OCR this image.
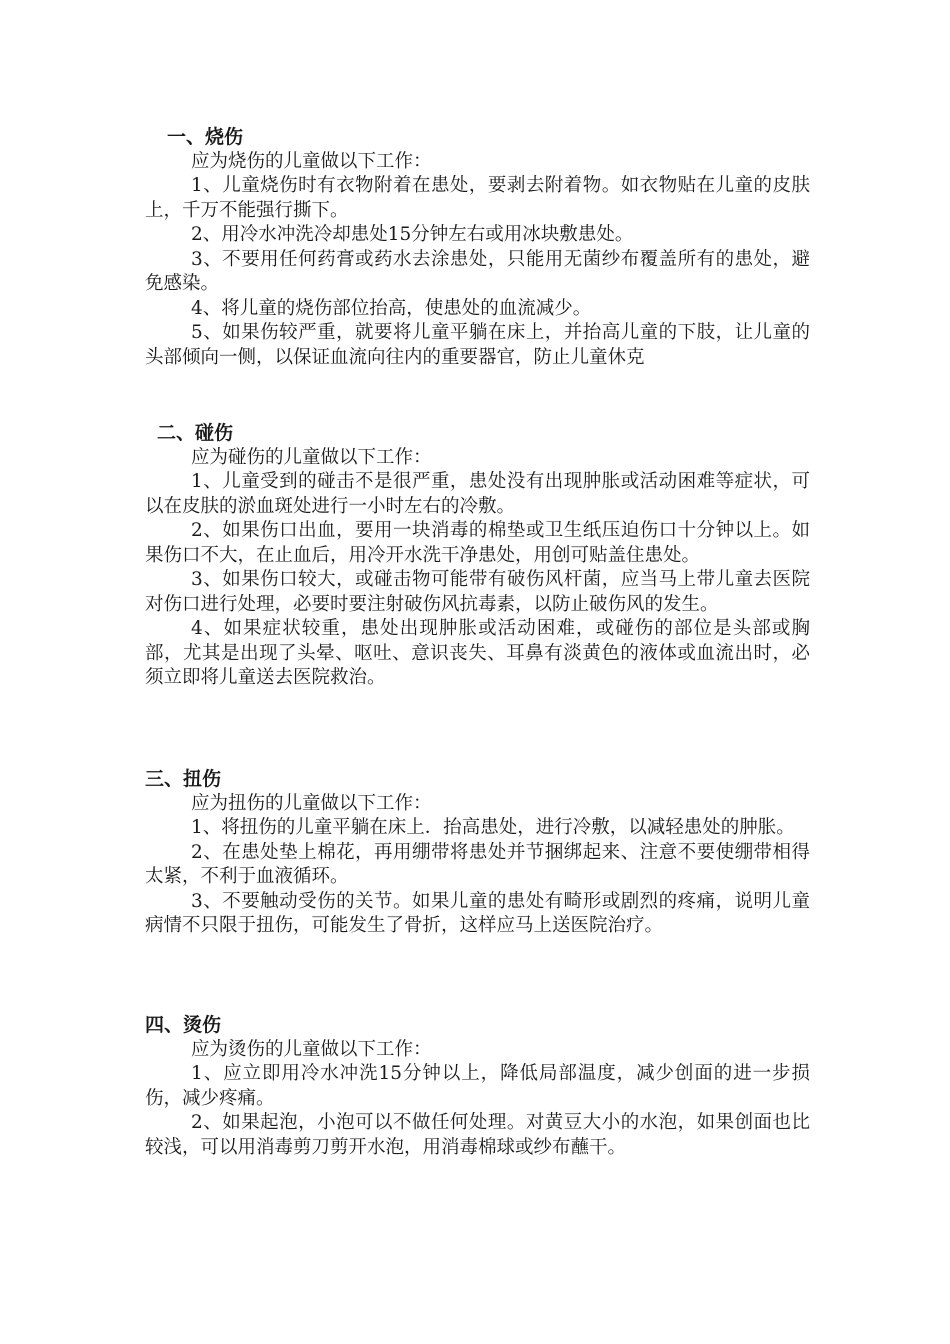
一、烧伤

应为烧伤的儿童做以下工作：

1、儿童烧伤时有衣物附着在患处，要剥去附着物。如衣物贴在儿童的皮肤上，千万不能强行撕下。

2、用冷水冲洗冷却患处15分钟左右或用冰块敷患处。

3、不要用任何药膏或药水去涂患处，只能用无菌纱布覆盖所有的患处，避免感染。

4、将儿童的烧伤部位抬高，使患处的血流减少。

5、如果伤较严重，就要将儿童平躺在床上，并抬高儿童的下肢，让儿童的头部倾向一侧，以保证血流向往内的重要器官，防止儿童休克

二、碰伤

应为碰伤的儿童做以下工作：

1、儿童受到的碰击不是很严重，患处没有出现肿胀或活动困难等症状，可以在皮肤的淤血斑处进行一小时左右的冷敷。

2、如果伤口出血，要用一块消毒的棉垫或卫生纸压迫伤口十分钟以上。如果伤口不大，在止血后，用冷开水洗干净患处，用创可贴盖住患处。

3、如果伤口较大，或碰击物可能带有破伤风杆菌，应当马上带儿童去医院对伤口进行处理，必要时要注射破伤风抗毒素，以防止破伤风的发生。

4、如果症状较重，患处出现肿胀或活动困难，或碰伤的部位是头部或胸部，尤其是出现了头晕、呕吐、意识丧失、耳鼻有淡黄色的液体或血流出时，必须立即将儿童送去医院救治。

三、扭伤

应为扭伤的儿童做以下工作：

1、将扭伤的儿童平躺在床上．抬高患处，进行冷敷，以减轻患处的肿胀。

2、在患处垫上棉花，再用绷带将患处并节捆绑起来、注意不要使绷带相得太紧，不利于血液循环。

3、不要触动受伤的关节。如果儿童的患处有畸形或剧烈的疼痛，说明儿童病情不只限于扭伤，可能发生了骨折，这样应马上送医院治疗。

四、烫伤

应为烫伤的儿童做以下工作：

1、应立即用冷水冲洗15分钟以上，降低局部温度，减少创面的进一步损伤，减少疼痛。

2、如果起泡，小泡可以不做任何处理。对黄豆大小的水泡，如果创面也比较浅，可以用消毒剪刀剪开水泡，用消毒棉球或纱布蘸干。
